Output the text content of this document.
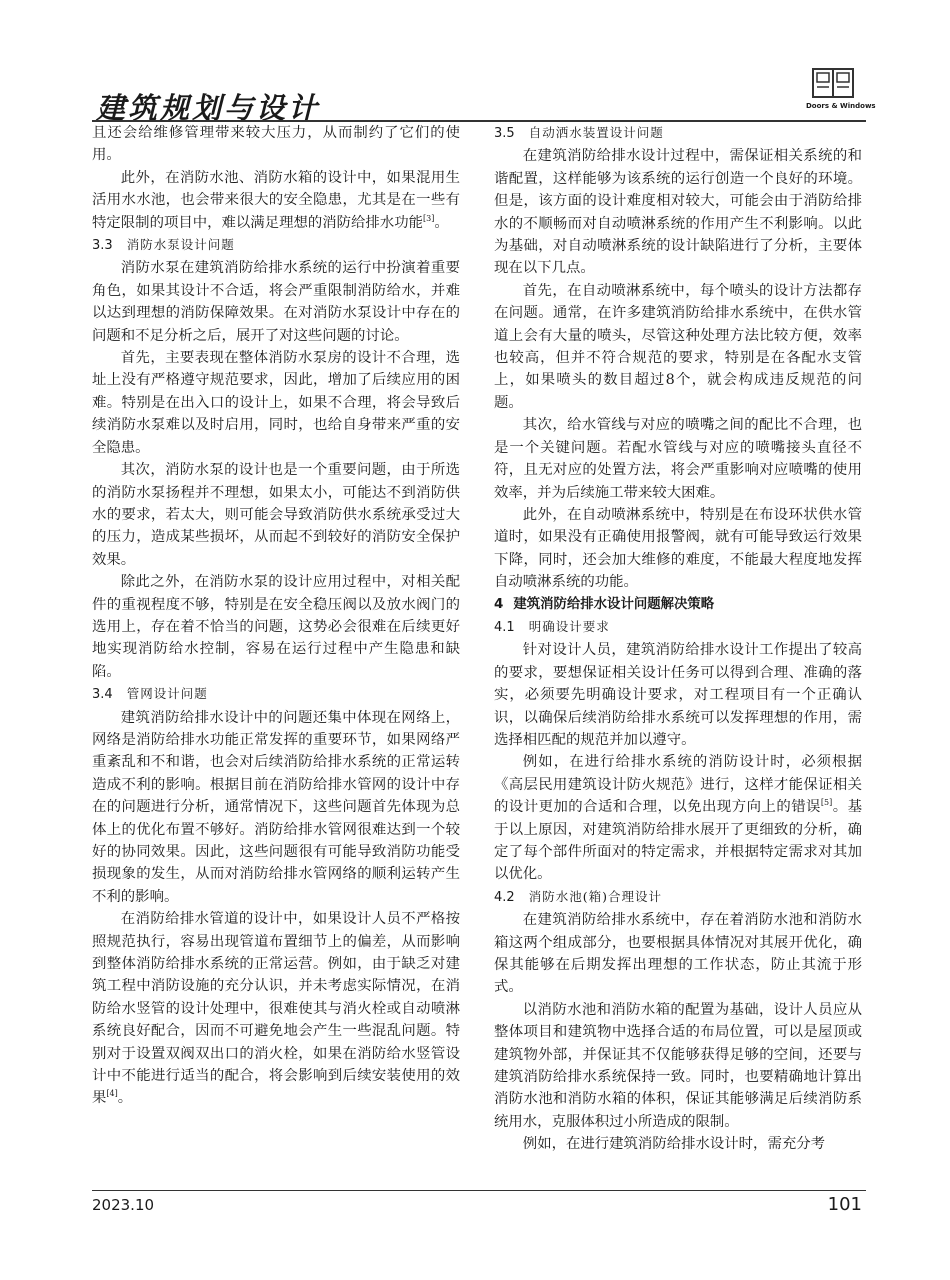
建筑规划与设计	Doors & Windows

且还会给维修管理带来较大压力，从而制约了它们的使用。

此外，在消防水池、消防水箱的设计中，如果混用生活用水水池，也会带来很大的安全隐患，尤其是在一些有特定限制的项目中，难以满足理想的消防给排水功能[3]。

3.3 消防水泵设计问题

消防水泵在建筑消防给排水系统的运行中扮演着重要角色，如果其设计不合适，将会严重限制消防给水，并难以达到理想的消防保障效果。在对消防水泵设计中存在的问题和不足分析之后，展开了对这些问题的讨论。

首先，主要表现在整体消防水泵房的设计不合理，选址上没有严格遵守规范要求，因此，增加了后续应用的困难。特别是在出入口的设计上，如果不合理，将会导致后续消防水泵难以及时启用，同时，也给自身带来严重的安全隐患。

其次，消防水泵的设计也是一个重要问题，由于所选的消防水泵扬程并不理想，如果太小，可能达不到消防供水的要求，若太大，则可能会导致消防供水系统承受过大的压力，造成某些损坏，从而起不到较好的消防安全保护效果。

除此之外，在消防水泵的设计应用过程中，对相关配件的重视程度不够，特别是在安全稳压阀以及放水阀门的选用上，存在着不恰当的问题，这势必会很难在后续更好地实现消防给水控制，容易在运行过程中产生隐患和缺陷。

3.4 管网设计问题

建筑消防给排水设计中的问题还集中体现在网络上，网络是消防给排水功能正常发挥的重要环节，如果网络严重紊乱和不和谐，也会对后续消防给排水系统的正常运转造成不利的影响。根据目前在消防给排水管网的设计中存在的问题进行分析，通常情况下，这些问题首先体现为总体上的优化布置不够好。消防给排水管网很难达到一个较好的协同效果。因此，这些问题很有可能导致消防功能受损现象的发生，从而对消防给排水管网络的顺利运转产生不利的影响。

在消防给排水管道的设计中，如果设计人员不严格按照规范执行，容易出现管道布置细节上的偏差，从而影响到整体消防给排水系统的正常运营。例如，由于缺乏对建筑工程中消防设施的充分认识，并未考虑实际情况，在消防给水竖管的设计处理中，很难使其与消火栓或自动喷淋系统良好配合，因而不可避免地会产生一些混乱问题。特别对于设置双阀双出口的消火栓，如果在消防给水竖管设计中不能进行适当的配合，将会影响到后续安装使用的效果[4]。

3.5 自动洒水装置设计问题

在建筑消防给排水设计过程中，需保证相关系统的和谐配置，这样能够为该系统的运行创造一个良好的环境。但是，该方面的设计难度相对较大，可能会由于消防给排水的不顺畅而对自动喷淋系统的作用产生不利影响。以此为基础，对自动喷淋系统的设计缺陷进行了分析，主要体现在以下几点。

首先，在自动喷淋系统中，每个喷头的设计方法都存在问题。通常，在许多建筑消防给排水系统中，在供水管道上会有大量的喷头，尽管这种处理方法比较方便，效率也较高，但并不符合规范的要求，特别是在各配水支管上，如果喷头的数目超过8个，就会构成违反规范的问题。

其次，给水管线与对应的喷嘴之间的配比不合理，也是一个关键问题。若配水管线与对应的喷嘴接头直径不符，且无对应的处置方法，将会严重影响对应喷嘴的使用效率，并为后续施工带来较大困难。

此外，在自动喷淋系统中，特别是在布设环状供水管道时，如果没有正确使用报警阀，就有可能导致运行效果下降，同时，还会加大维修的难度，不能最大程度地发挥自动喷淋系统的功能。

4 建筑消防给排水设计问题解决策略
4.1 明确设计要求

针对设计人员，建筑消防给排水设计工作提出了较高的要求，要想保证相关设计任务可以得到合理、准确的落实，必须要先明确设计要求，对工程项目有一个正确认识，以确保后续消防给排水系统可以发挥理想的作用，需选择相匹配的规范并加以遵守。

例如，在进行给排水系统的消防设计时，必须根据《高层民用建筑设计防火规范》进行，这样才能保证相关的设计更加的合适和合理，以免出现方向上的错误[5]。基于以上原因，对建筑消防给排水展开了更细致的分析，确定了每个部件所面对的特定需求，并根据特定需求对其加以优化。

4.2 消防水池(箱)合理设计

在建筑消防给排水系统中，存在着消防水池和消防水箱这两个组成部分，也要根据具体情况对其展开优化，确保其能够在后期发挥出理想的工作状态，防止其流于形式。

以消防水池和消防水箱的配置为基础，设计人员应从整体项目和建筑物中选择合适的布局位置，可以是屋顶或建筑物外部，并保证其不仅能够获得足够的空间，还要与建筑消防给排水系统保持一致。同时，也要精确地计算出消防水池和消防水箱的体积，保证其能够满足后续消防系统用水，克服体积过小所造成的限制。

例如，在进行建筑消防给排水设计时，需充分考

2023.10	101
